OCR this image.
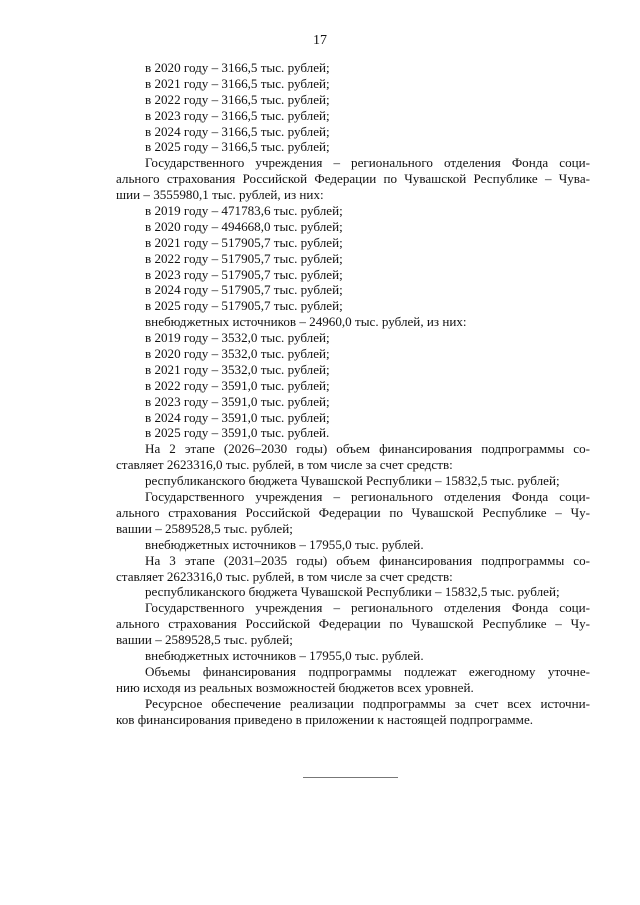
17
в 2020 году – 3166,5 тыс. рублей;
в 2021 году – 3166,5 тыс. рублей;
в 2022 году – 3166,5 тыс. рублей;
в 2023 году – 3166,5 тыс. рублей;
в 2024 году – 3166,5 тыс. рублей;
в 2025 году – 3166,5 тыс. рублей;
Государственного учреждения – регионального отделения Фонда соци-
ального страхования Российской Федерации по Чувашской Республике – Чува-
шии – 3555980,1 тыс. рублей, из них:
в 2019 году – 471783,6 тыс. рублей;
в 2020 году – 494668,0 тыс. рублей;
в 2021 году – 517905,7 тыс. рублей;
в 2022 году – 517905,7 тыс. рублей;
в 2023 году – 517905,7 тыс. рублей;
в 2024 году – 517905,7 тыс. рублей;
в 2025 году – 517905,7 тыс. рублей;
внебюджетных источников – 24960,0 тыс. рублей, из них:
в 2019 году – 3532,0 тыс. рублей;
в 2020 году – 3532,0 тыс. рублей;
в 2021 году – 3532,0 тыс. рублей;
в 2022 году – 3591,0 тыс. рублей;
в 2023 году – 3591,0 тыс. рублей;
в 2024 году – 3591,0 тыс. рублей;
в 2025 году – 3591,0 тыс. рублей.
На 2 этапе (2026–2030 годы) объем финансирования подпрограммы со-
ставляет 2623316,0 тыс. рублей, в том числе за счет средств:
республиканского бюджета Чувашской Республики – 15832,5 тыс. рублей;
Государственного учреждения – регионального отделения Фонда соци-
ального страхования Российской Федерации по Чувашской Республике – Чу-
вашии – 2589528,5 тыс. рублей;
внебюджетных источников – 17955,0 тыс. рублей.
На 3 этапе (2031–2035 годы) объем финансирования подпрограммы со-
ставляет 2623316,0 тыс. рублей, в том числе за счет средств:
республиканского бюджета Чувашской Республики – 15832,5 тыс. рублей;
Государственного учреждения – регионального отделения Фонда соци-
ального страхования Российской Федерации по Чувашской Республике – Чу-
вашии – 2589528,5 тыс. рублей;
внебюджетных источников – 17955,0 тыс. рублей.
Объемы финансирования подпрограммы подлежат ежегодному уточне-
нию исходя из реальных возможностей бюджетов всех уровней.
Ресурсное обеспечение реализации подпрограммы за счет всех источни-
ков финансирования приведено в приложении к настоящей подпрограмме.
